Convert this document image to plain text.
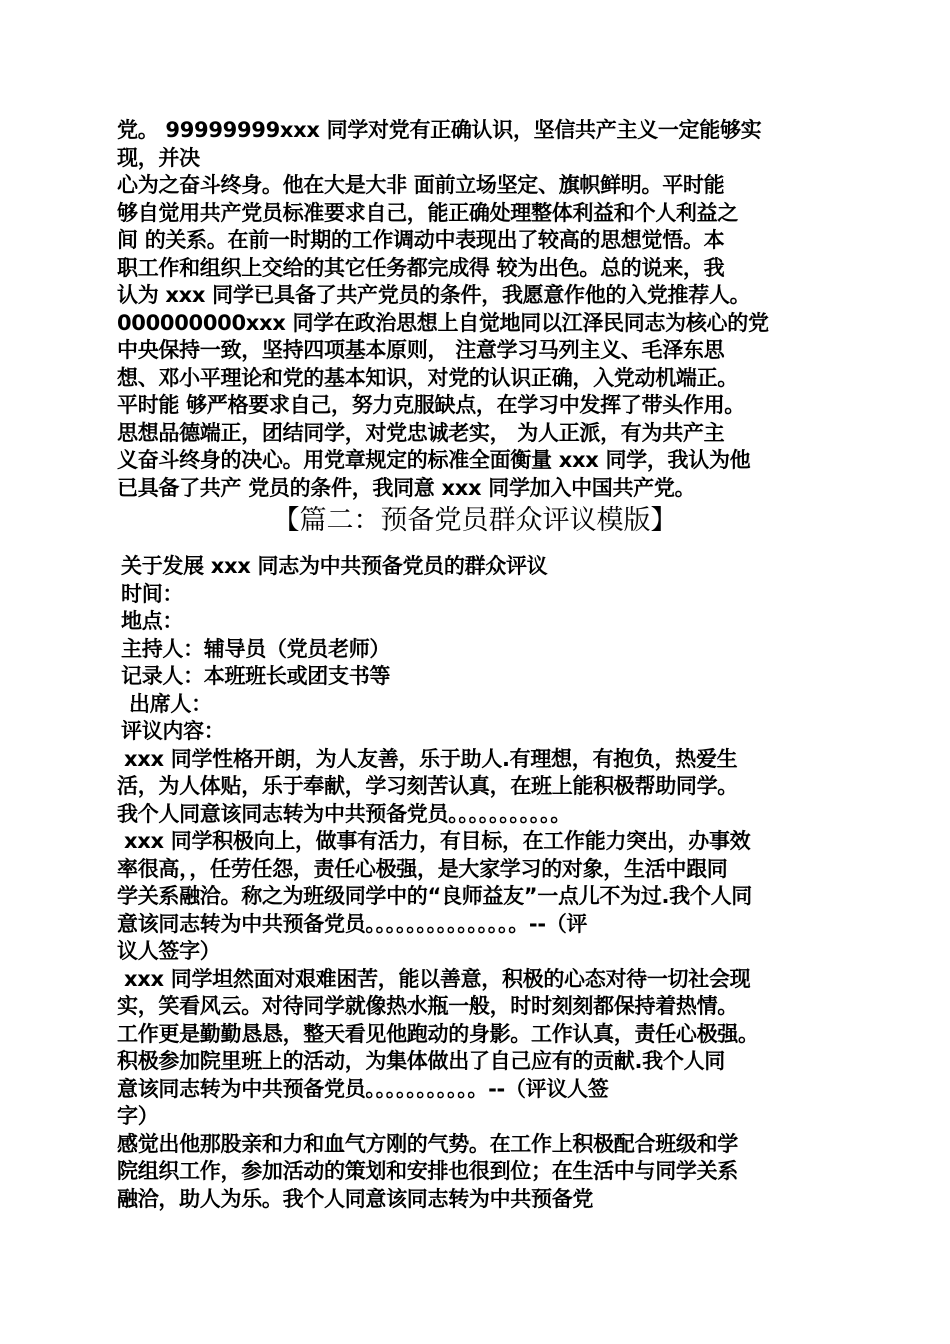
党。 99999999xxx 同学对党有正确认识，坚信共产主义一定能够实

现，并决

心为之奋斗终身。他在大是大非 面前立场坚定、旗帜鲜明。平时能

够自觉用共产党员标准要求自己，能正确处理整体利益和个人利益之

间 的关系。在前一时期的工作调动中表现出了较高的思想觉悟。本

职工作和组织上交给的其它任务都完成得 较为出色。总的说来，我

认为 xxx 同学已具备了共产党员的条件，我愿意作他的入党推荐人。

000000000xxx 同学在政治思想上自觉地同以江泽民同志为核心的党

中央保持一致，坚持四项基本原则， 注意学习马列主义、毛泽东思

想、邓小平理论和党的基本知识，对党的认识正确，入党动机端正。

平时能 够严格要求自己，努力克服缺点，在学习中发挥了带头作用。

思想品德端正，团结同学，对党忠诚老实， 为人正派，有为共产主

义奋斗终身的决心。用党章规定的标准全面衡量 xxx 同学，我认为他

已具备了共产 党员的条件，我同意 xxx 同学加入中国共产党。

【篇二：预备党员群众评议模版】

关于发展 xxx 同志为中共预备党员的群众评议

时间：

地点：

主持人：辅导员（党员老师）

记录人：本班班长或团支书等

出席人：

评议内容：

xxx 同学性格开朗，为人友善，乐于助人.有理想，有抱负，热爱生

活，为人体贴，乐于奉献，学习刻苦认真，在班上能积极帮助同学。

我个人同意该同志转为中共预备党员。。。。。。。。。。。

xxx 同学积极向上，做事有活力，有目标，在工作能力突出，办事效

率很高，，任劳任怨，责任心极强，是大家学习的对象，生活中跟同

学关系融洽。称之为班级同学中的“良师益友”一点儿不为过.我个人同

意该同志转为中共预备党员。。。。。。。。。。。。。。。--（评

议人签字）

xxx 同学坦然面对艰难困苦，能以善意，积极的心态对待一切社会现

实，笑看风云。对待同学就像热水瓶一般，时时刻刻都保持着热情。

工作更是勤勤恳恳，整天看见他跑动的身影。工作认真，责任心极强。

积极参加院里班上的活动，为集体做出了自己应有的贡献.我个人同

意该同志转为中共预备党员。。。。。。。。。。。--（评议人签

字）

感觉出他那股亲和力和血气方刚的气势。在工作上积极配合班级和学

院组织工作，参加活动的策划和安排也很到位；在生活中与同学关系

融洽，助人为乐。我个人同意该同志转为中共预备党
